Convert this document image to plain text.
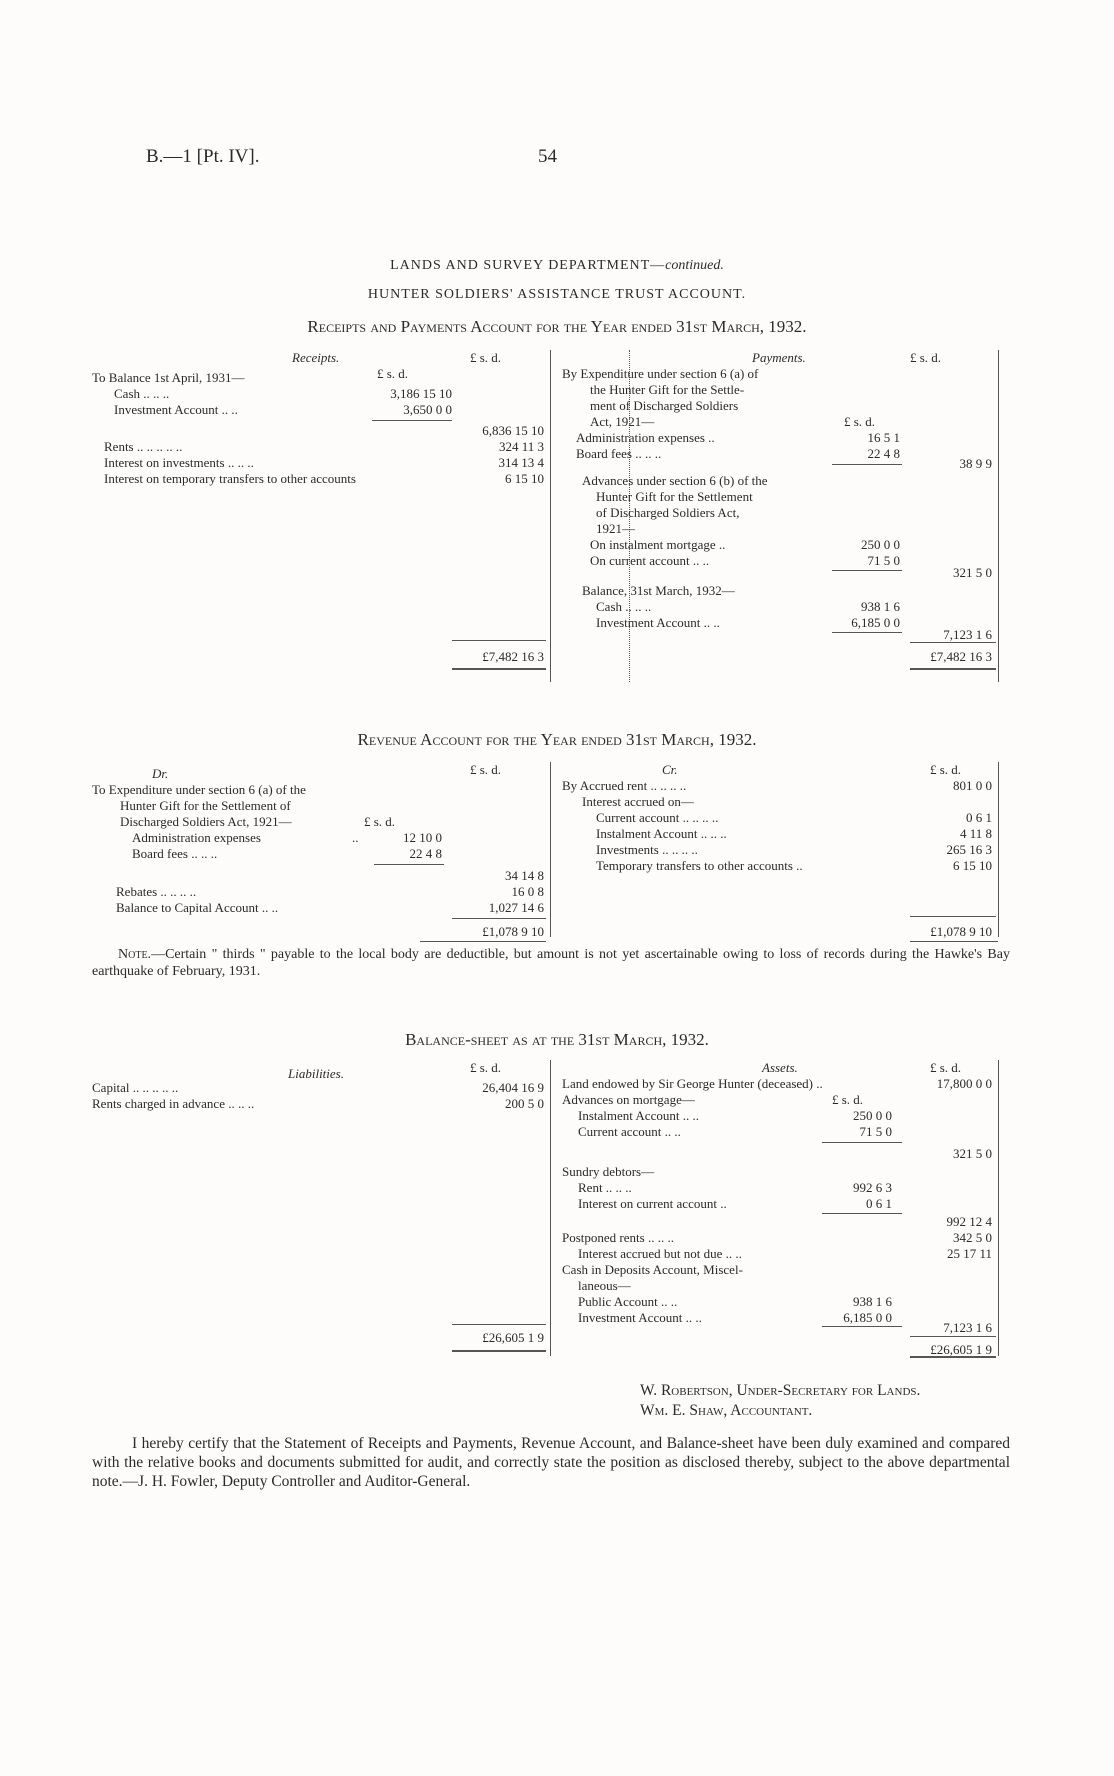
B.—1 [Pt. IV].	54
LANDS AND SURVEY DEPARTMENT—continued.
HUNTER SOLDIERS' ASSISTANCE TRUST ACCOUNT.
Receipts and Payments Account for the Year ended 31st March, 1932.
Receipts.	£ s. d.
£ s. d.
To Balance 1st April, 1931—
Cash .. .. ..	3,186 15 10
Investment Account .. ..	3,650 0 0
6,836 15 10
Rents .. .. .. .. ..	324 11 3
Interest on investments .. .. ..	314 13 4
Interest on temporary transfers to other accounts	6 15 10
£7,482 16 3
Payments.	£ s. d.
By Expenditure under section 6 (a) of
the Hunter Gift for the Settle-
ment of Discharged Soldiers
Act, 1921—	£ s. d.
Administration expenses ..	16 5 1
Board fees .. .. ..	22 4 8
38 9 9
Advances under section 6 (b) of the
Hunter Gift for the Settlement
of Discharged Soldiers Act,
1921—
On instalment mortgage ..	250 0 0
On current account .. ..	71 5 0
321 5 0
Balance, 31st March, 1932—
Cash .. .. ..	938 1 6
Investment Account .. ..	6,185 0 0
7,123 1 6
£7,482 16 3
Revenue Account for the Year ended 31st March, 1932.
Dr.	£ s. d.
To Expenditure under section 6 (a) of the
Hunter Gift for the Settlement of
Discharged Soldiers Act, 1921—	£ s. d.
Administration expenses	..	12 10 0
Board fees .. .. ..	22 4 8
34 14 8
Rebates .. .. .. ..	16 0 8
Balance to Capital Account .. ..	1,027 14 6
£1,078 9 10
Cr.	£ s. d.
By Accrued rent .. .. .. ..	801 0 0
Interest accrued on—
Current account .. .. .. ..	0 6 1
Instalment Account .. .. ..	4 11 8
Investments .. .. .. ..	265 16 3
Temporary transfers to other accounts ..	6 15 10
£1,078 9 10
Note.—Certain " thirds " payable to the local body are deductible, but amount is not yet ascertainable owing to loss of records during the Hawke's Bay earthquake of February, 1931.
Balance-sheet as at the 31st March, 1932.
Liabilities.	£ s. d.
Capital .. .. .. .. ..	26,404 16 9
Rents charged in advance .. .. ..	200 5 0
£26,605 1 9
Assets.	£ s. d.
Land endowed by Sir George Hunter (deceased) ..	17,800 0 0
Advances on mortgage—	£ s. d.
Instalment Account .. ..	250 0 0
Current account .. ..	71 5 0
321 5 0
Sundry debtors—
Rent .. .. ..	992 6 3
Interest on current account ..	0 6 1
992 12 4
Postponed rents .. .. ..	342 5 0
Interest accrued but not due .. ..	25 17 11
Cash in Deposits Account, Miscel-
laneous—
Public Account .. ..	938 1 6
Investment Account .. ..	6,185 0 0
7,123 1 6
£26,605 1 9
W. Robertson, Under-Secretary for Lands.
Wm. E. Shaw, Accountant.
I hereby certify that the Statement of Receipts and Payments, Revenue Account, and Balance-sheet have been duly examined and compared with the relative books and documents submitted for audit, and correctly state the position as disclosed thereby, subject to the above departmental note.—J. H. Fowler, Deputy Controller and Auditor-General.
